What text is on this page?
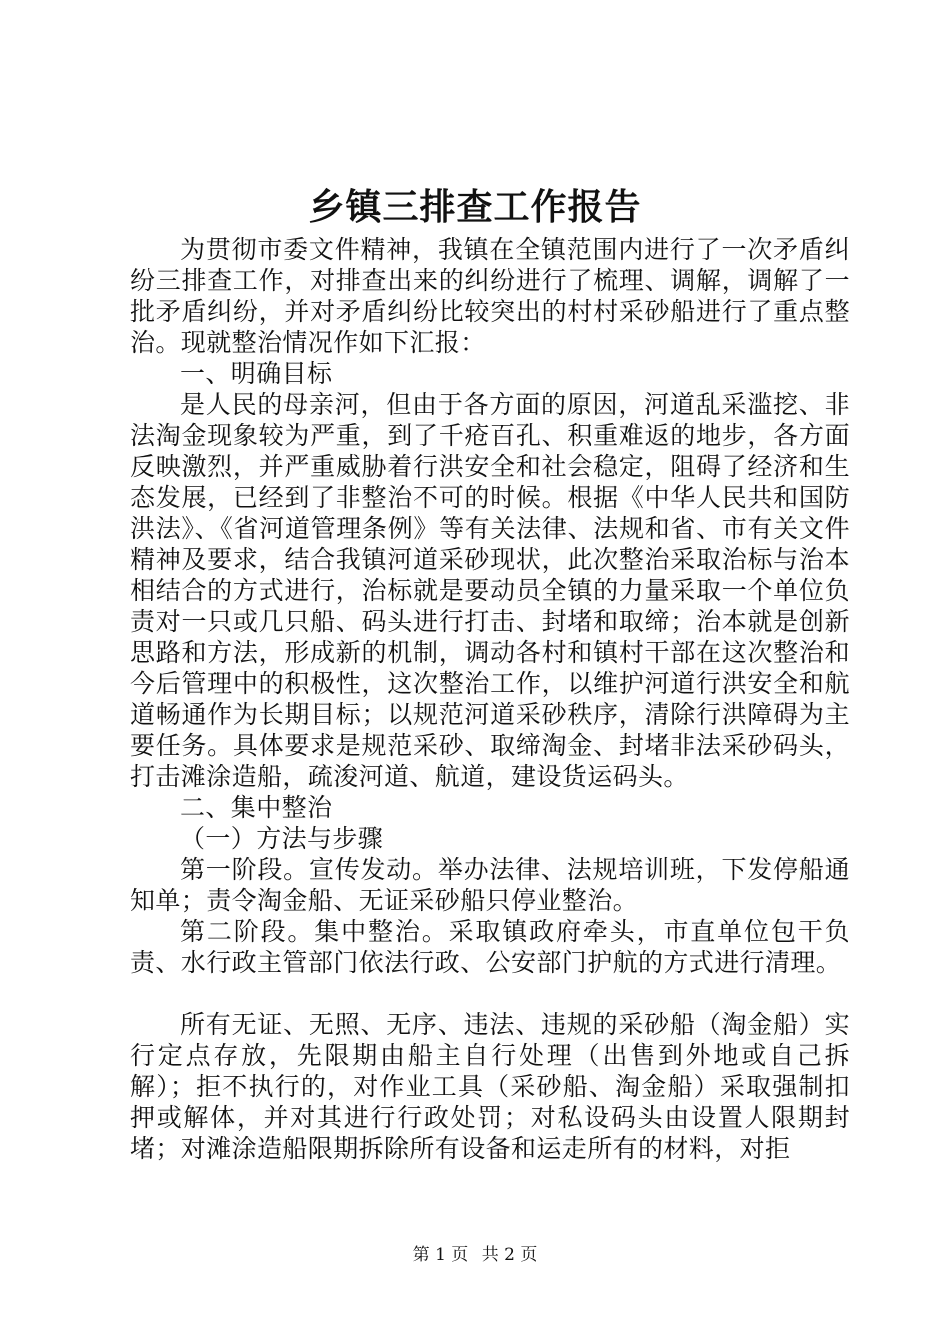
乡镇三排查工作报告

为贯彻市委文件精神，我镇在全镇范围内进行了一次矛盾纠纷三排查工作，对排查出来的纠纷进行了梳理、调解，调解了一批矛盾纠纷，并对矛盾纠纷比较突出的村村采砂船进行了重点整治。现就整治情况作如下汇报：

一、明确目标

是人民的母亲河，但由于各方面的原因，河道乱采滥挖、非法淘金现象较为严重，到了千疮百孔、积重难返的地步，各方面反映激烈，并严重威胁着行洪安全和社会稳定，阻碍了经济和生态发展，已经到了非整治不可的时候。根据《中华人民共和国防洪法》、《省河道管理条例》等有关法律、法规和省、市有关文件精神及要求，结合我镇河道采砂现状，此次整治采取治标与治本相结合的方式进行，治标就是要动员全镇的力量采取一个单位负责对一只或几只船、码头进行打击、封堵和取缔；治本就是创新思路和方法，形成新的机制，调动各村和镇村干部在这次整治和今后管理中的积极性，这次整治工作，以维护河道行洪安全和航道畅通作为长期目标；以规范河道采砂秩序，清除行洪障碍为主要任务。具体要求是规范采砂、取缔淘金、封堵非法采砂码头，打击滩涂造船，疏浚河道、航道，建设货运码头。

二、集中整治

（一）方法与步骤

第一阶段。宣传发动。举办法律、法规培训班，下发停船通知单；责令淘金船、无证采砂船只停业整治。

第二阶段。集中整治。采取镇政府牵头，市直单位包干负责、水行政主管部门依法行政、公安部门护航的方式进行清理。

所有无证、无照、无序、违法、违规的采砂船（淘金船）实行定点存放，先限期由船主自行处理（出售到外地或自己拆解）；拒不执行的，对作业工具（采砂船、淘金船）采取强制扣押或解体，并对其进行行政处罚；对私设码头由设置人限期封堵；对滩涂造船限期拆除所有设备和运走所有的材料，对拒

第 1 页 共 2 页
